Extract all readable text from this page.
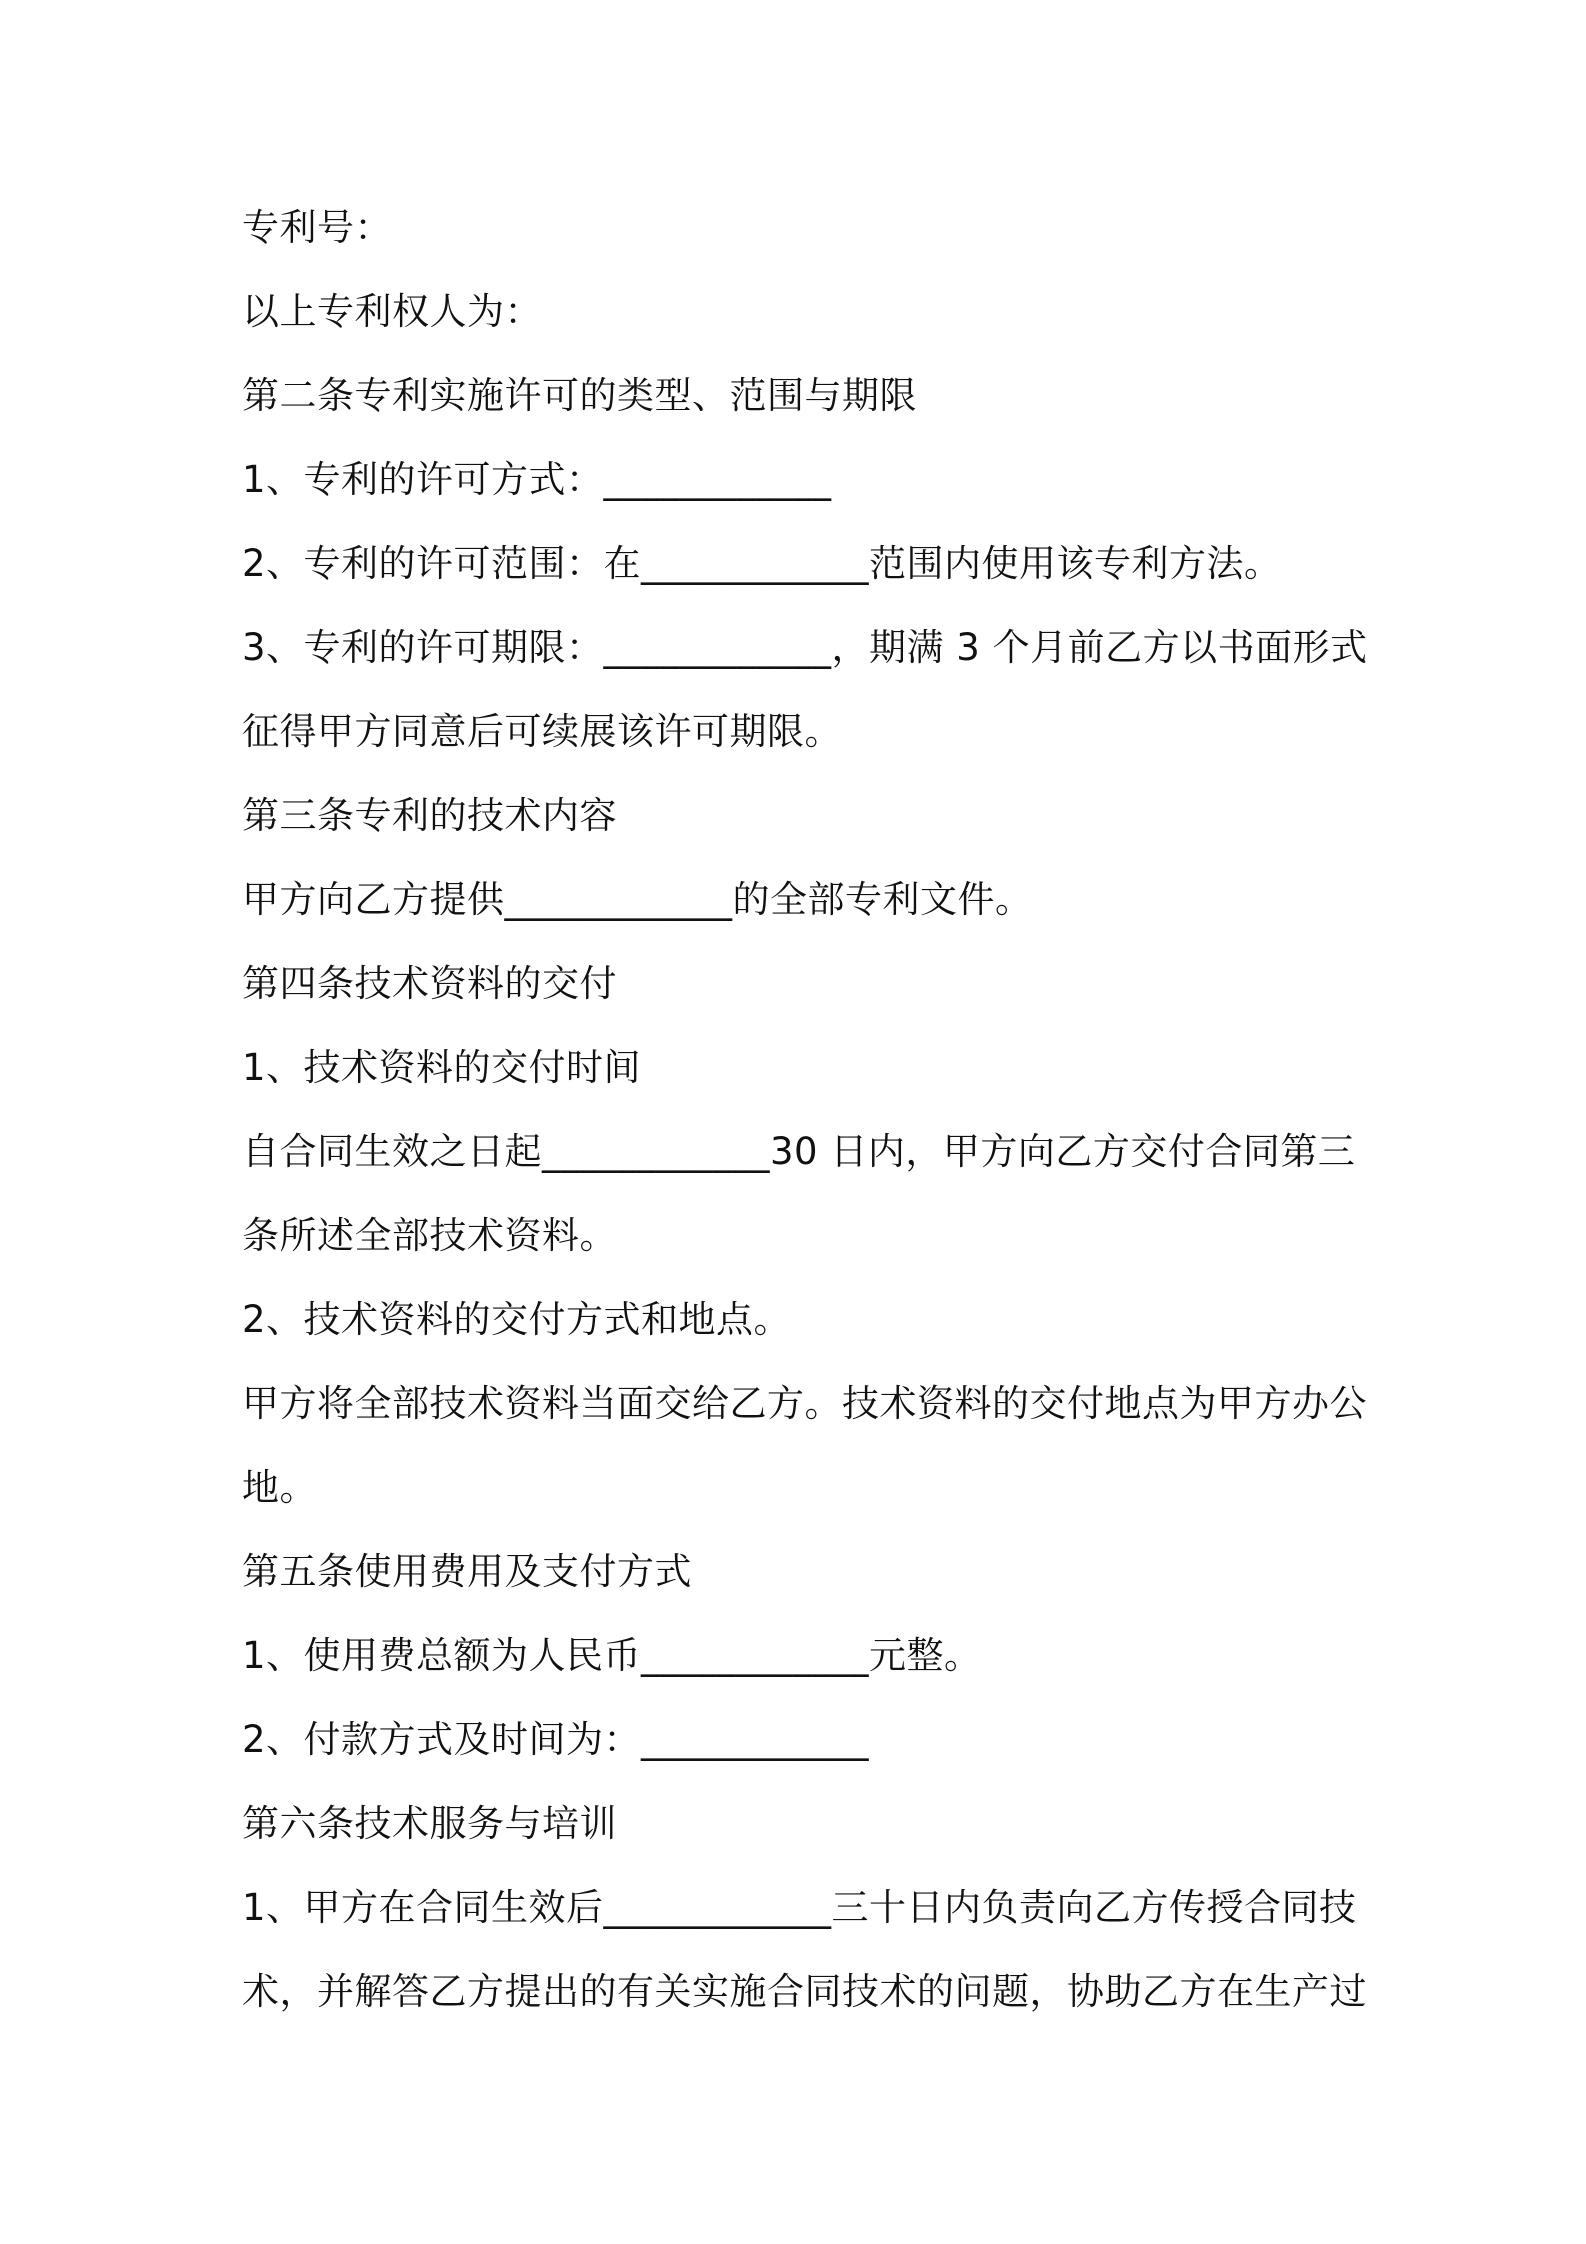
专利号：
以上专利权人为：
第二条专利实施许可的类型、范围与期限
1、专利的许可方式：____________
2、专利的许可范围：在____________范围内使用该专利方法。
3、专利的许可期限：____________，期满 3 个月前乙方以书面形式
征得甲方同意后可续展该许可期限。
第三条专利的技术内容
甲方向乙方提供____________的全部专利文件。
第四条技术资料的交付
1、技术资料的交付时间
自合同生效之日起____________30 日内，甲方向乙方交付合同第三
条所述全部技术资料。
2、技术资料的交付方式和地点。
甲方将全部技术资料当面交给乙方。技术资料的交付地点为甲方办公
地。
第五条使用费用及支付方式
1、使用费总额为人民币____________元整。
2、付款方式及时间为：____________
第六条技术服务与培训
1、甲方在合同生效后____________三十日内负责向乙方传授合同技
术，并解答乙方提出的有关实施合同技术的问题，协助乙方在生产过
